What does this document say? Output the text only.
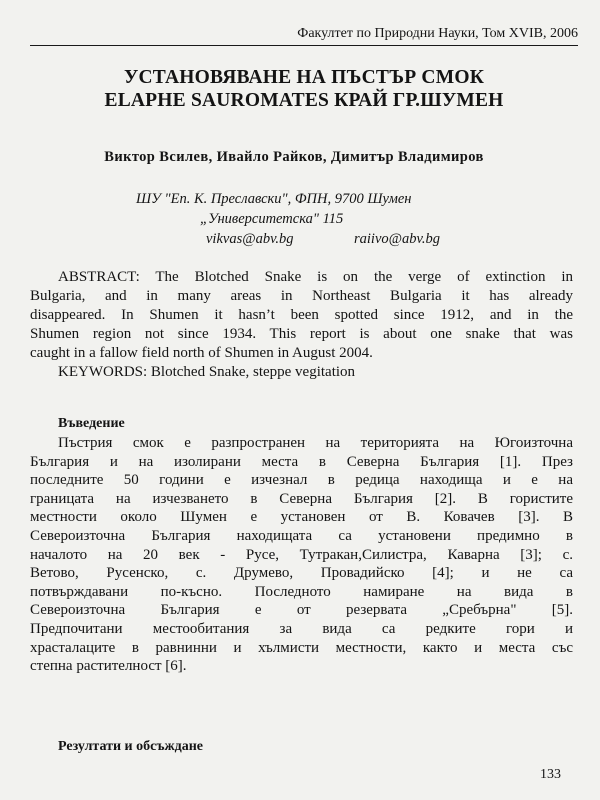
Факултет по Природни Науки, Том XVIB, 2006
УСТАНОВЯВАНЕ НА ПЪСТЪР СМОК
ELAPHE SAUROMATES КРАЙ ГР.ШУМЕН
Виктор Всилев, Ивайло Райков, Димитър Владимиров
ШУ "Еп. К. Преславски", ФПН, 9700 Шумен
„Университетска" 115
vikvas@abv.bg	raiivo@abv.bg
ABSTRACT: The Blotched Snake is on the verge of extinction in
Bulgaria, and in many areas in Northeast Bulgaria it has already
disappeared. In Shumen it hasn’t been spotted since 1912, and in the
Shumen region not since 1934. This report is about one snake that was
caught in a fallow field north of Shumen in August 2004.
KEYWORDS: Blotched Snake, steppe vegitation
Въведение
Пъстрия смок е разпространен на територията на Югоизточна
България и на изолирани места в Северна България [1]. През
последните 50 години е изчезнал в редица находища и е на
границата на изчезването в Северна България [2]. В гористите
местности около Шумен е установен от В. Ковачев [3]. В
Североизточна България находищата са установени предимно в
началото на 20 век - Русе, Тутракан,Силистра, Каварна [3]; с.
Ветово, Русенско, с. Друмево, Провадийско [4]; и не са
потвърждавани по-късно. Последното намиране на вида в
Североизточна България е от резервата „Сребърна" [5].
Предпочитани местообитания за вида са редките гори и
храсталаците в равнинни и хълмисти местности, както и места със
степна растителност [6].
Резултати и обсъждане
133
